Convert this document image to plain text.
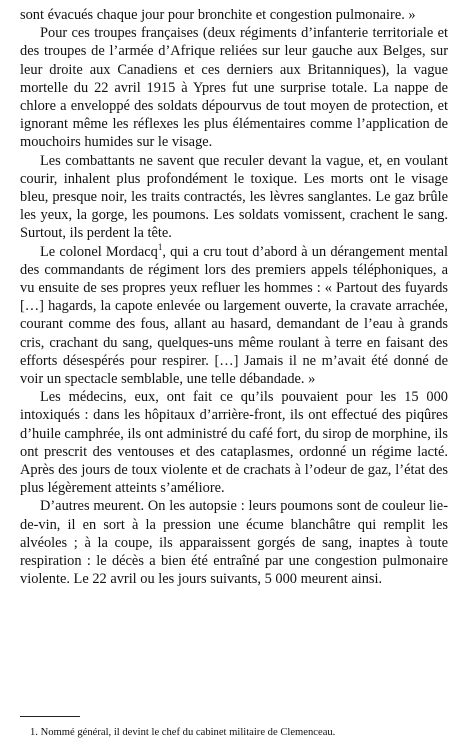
sont évacués chaque jour pour bronchite et congestion pulmonaire. »

Pour ces troupes françaises (deux régiments d’infanterie territoriale et des troupes de l’armée d’Afrique reliées sur leur gauche aux Belges, sur leur droite aux Canadiens et ces derniers aux Britanniques), la vague mortelle du 22 avril 1915 à Ypres fut une surprise totale. La nappe de chlore a enveloppé des soldats dépourvus de tout moyen de protection, et ignorant même les réflexes les plus élémentaires comme l’application de mouchoirs humides sur le visage.

Les combattants ne savent que reculer devant la vague, et, en voulant courir, inhalent plus profondément le toxique. Les morts ont le visage bleu, presque noir, les traits contractés, les lèvres sanglantes. Le gaz brûle les yeux, la gorge, les poumons. Les soldats vomissent, crachent le sang. Surtout, ils perdent la tête.

Le colonel Mordacq$^1$, qui a cru tout d’abord à un dérangement mental des commandants de régiment lors des premiers appels téléphoniques, a vu ensuite de ses propres yeux refluer les hommes : « Partout des fuyards […] hagards, la capote enlevée ou largement ouverte, la cravate arrachée, courant comme des fous, allant au hasard, demandant de l’eau à grands cris, crachant du sang, quelques-uns même roulant à terre en faisant des efforts désespérés pour respirer. […] Jamais il ne m’avait été donné de voir un spectacle semblable, une telle débandade. »

Les médecins, eux, ont fait ce qu’ils pouvaient pour les 15 000 intoxiqués : dans les hôpitaux d’arrière-front, ils ont effectué des piqûres d’huile camphrée, ils ont administré du café fort, du sirop de morphine, ils ont prescrit des ventouses et des cataplasmes, ordonné un régime lacté. Après des jours de toux violente et de crachats à l’odeur de gaz, l’état des plus légèrement atteints s’améliore.

D’autres meurent. On les autopsie : leurs poumons sont de couleur lie-de-vin, il en sort à la pression une écume blanchâtre qui remplit les alvéoles ; à la coupe, ils apparaissent gorgés de sang, inaptes à toute respiration : le décès a bien été entraîné par une congestion pulmonaire violente. Le 22 avril ou les jours suivants, 5 000 meurent ainsi.

1. Nommé général, il devint le chef du cabinet militaire de Clemenceau.
